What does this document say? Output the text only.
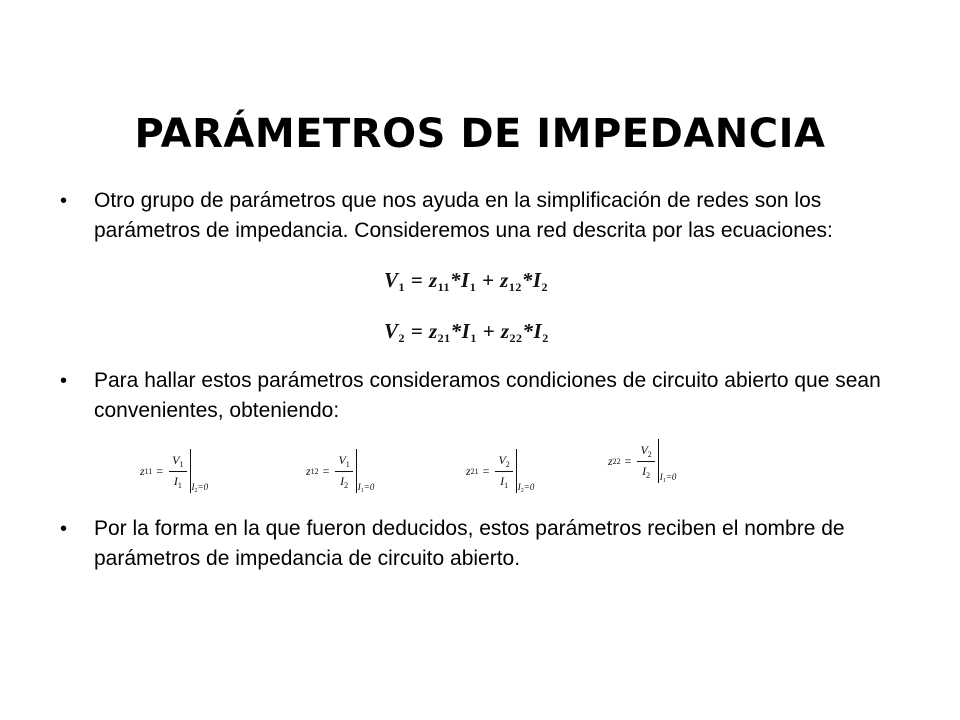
PARÁMETROS DE IMPEDANCIA
•	Otro grupo de parámetros que nos ayuda en la simplificación de redes son los parámetros de impedancia. Consideremos una red descrita por las ecuaciones:
$V_1 = z_{11}*I_1 + z_{12}*I_2$
$V_2 = z_{21}*I_1 + z_{22}*I_2$
•	Para hallar estos parámetros consideramos condiciones de circuito abierto que sean convenientes, obteniendo:
z $11 = \frac{V_1}{I_1} I_2=0$
z $12 = \frac{V_1}{I_2} I_1=0$
z $21 = \frac{V_2}{I_1} I_2=0$
z $22 = \frac{V_2}{I_2} I_1=0$
•	Por la forma en la que fueron deducidos, estos parámetros reciben el nombre de parámetros de impedancia de circuito abierto.
